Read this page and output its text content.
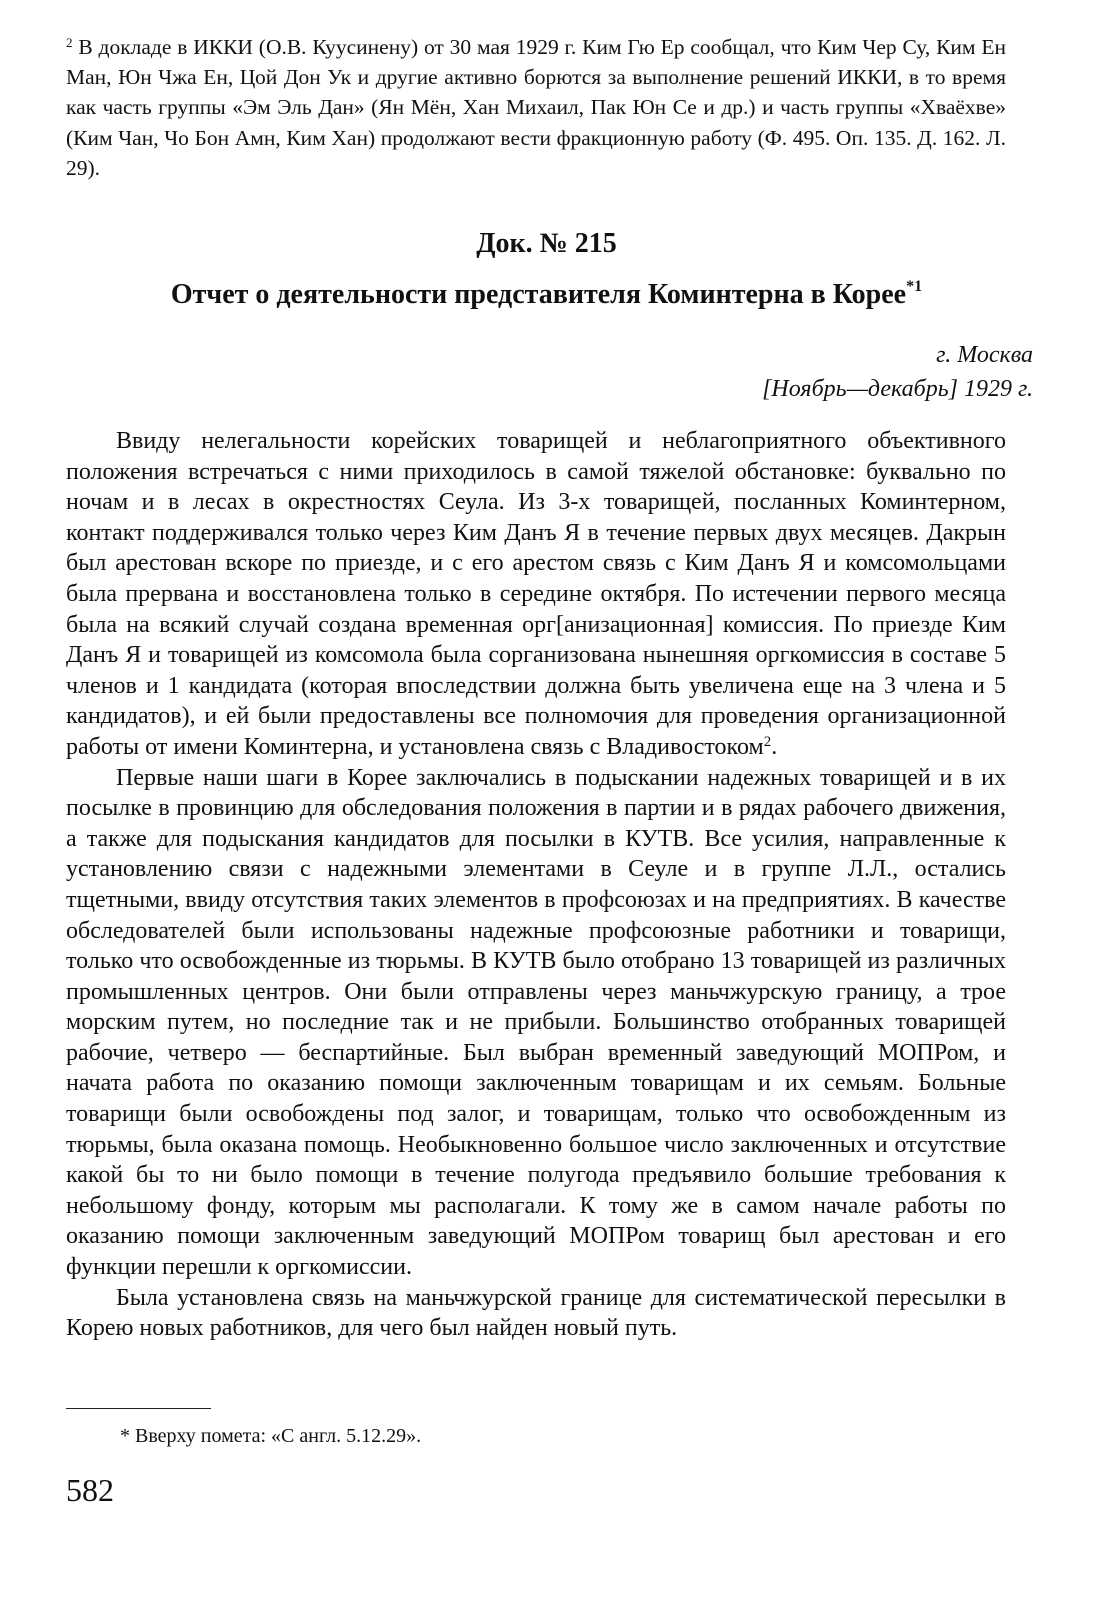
$^2$ В докладе в ИККИ (О.В. Куусинену) от 30 мая 1929 г. Ким Гю Ер сообщал, что Ким Чер Су, Ким Ен Ман, Юн Чжа Ен, Цой Дон Ук и другие активно борются за выполнение решений ИККИ, в то время как часть группы «Эм Эль Дан» (Ян Мён, Хан Михаил, Пак Юн Се и др.) и часть группы «Хваёхве» (Ким Чан, Чо Бон Амн, Ким Хан) продолжают вести фракционную работу (Ф. 495. Оп. 135. Д. 162. Л. 29).
Док. № 215
Отчет о деятельности представителя Коминтерна в Корее$^{*1}$
г. Москва
[Ноябрь—декабрь] 1929 г.

Ввиду нелегальности корейских товарищей и неблагоприятного объективного положения встречаться с ними приходилось в самой тяжелой обстановке: буквально по ночам и в лесах в окрестностях Сеула. Из 3-х товарищей, посланных Коминтерном, контакт поддерживался только через Ким Данъ Я в течение первых двух месяцев. Дакрын был арестован вскоре по приезде, и с его арестом связь с Ким Данъ Я и комсомольцами была прервана и восстановлена только в середине октября. По истечении первого месяца была на всякий случай создана временная орг[анизационная] комиссия. По приезде Ким Данъ Я и товарищей из комсомола была сорганизована нынешняя оргкомиссия в составе 5 членов и 1 кандидата (которая впоследствии должна быть увеличена еще на 3 члена и 5 кандидатов), и ей были предоставлены все полномочия для проведения организационной работы от имени Коминтерна, и установлена связь с Владивостоком$^2$.

Первые наши шаги в Корее заключались в подыскании надежных товарищей и в их посылке в провинцию для обследования положения в партии и в рядах рабочего движения, а также для подыскания кандидатов для посылки в КУТВ. Все усилия, направленные к установлению связи с надежными элементами в Сеуле и в группе Л.Л., остались тщетными, ввиду отсутствия таких элементов в профсоюзах и на предприятиях. В качестве обследователей были использованы надежные профсоюзные работники и товарищи, только что освобожденные из тюрьмы. В КУТВ было отобрано 13 товарищей из различных промышленных центров. Они были отправлены через маньчжурскую границу, а трое морским путем, но последние так и не прибыли. Большинство отобранных товарищей рабочие, четверо — беспартийные. Был выбран временный заведующий МОПРом, и начата работа по оказанию помощи заключенным товарищам и их семьям. Больные товарищи были освобождены под залог, и товарищам, только что освобожденным из тюрьмы, была оказана помощь. Необыкновенно большое число заключенных и отсутствие какой бы то ни было помощи в течение полугода предъявило большие требования к небольшому фонду, которым мы располагали. К тому же в самом начале работы по оказанию помощи заключенным заведующий МОПРом товарищ был арестован и его функции перешли к оргкомиссии.

Была установлена связь на маньчжурской границе для систематической пересылки в Корею новых работников, для чего был найден новый путь.

* Вверху помета: «С англ. 5.12.29».
582
